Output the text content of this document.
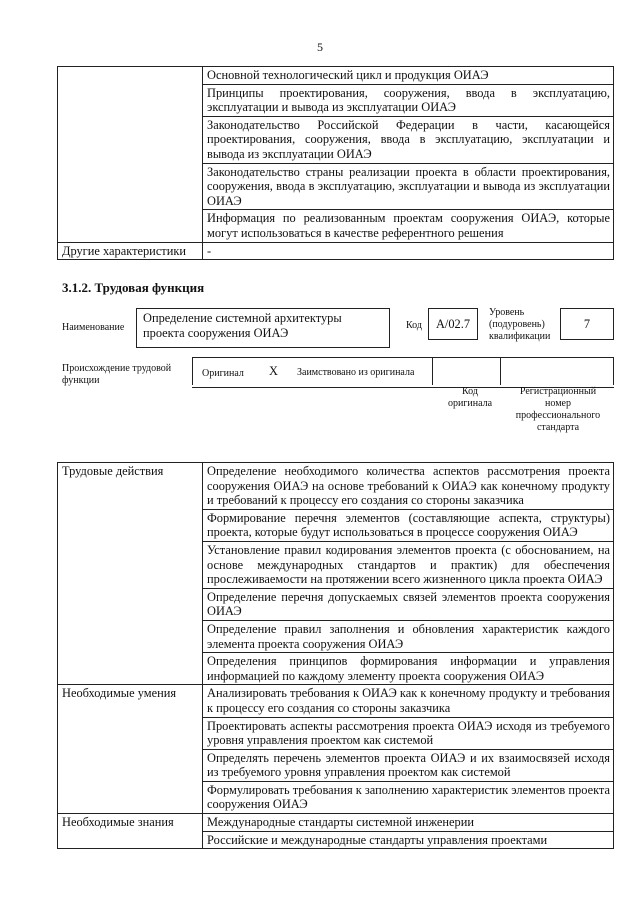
5
	Основной технологический цикл и продукция ОИАЭ
	Принципы проектирования, сооружения, ввода в эксплуатацию, эксплуатации и вывода из эксплуатации ОИАЭ
	Законодательство Российской Федерации в части, касающейся проектирования, сооружения, ввода в эксплуатацию, эксплуатации и вывода из эксплуатации ОИАЭ
	Законодательство страны реализации проекта в области проектирования, сооружения, ввода в эксплуатацию, эксплуатации и вывода из эксплуатации ОИАЭ
	Информация по реализованным проектам сооружения ОИАЭ, которые могут использоваться в качестве референтного решения
Другие характеристики	-
3.1.2. Трудовая функция
Наименование
Определение системной архитектуры проекта сооружения ОИАЭ
Код	А/02.7
Уровень (подуровень) квалификации
7
Происхождение трудовой функции
Оригинал X Заимствовано из оригинала
Код оригинала
Регистрационный номер профессионального стандарта
Трудовые действия	Определение необходимого количества аспектов рассмотрения проекта сооружения ОИАЭ на основе требований к ОИАЭ как конечному продукту и требований к процессу его создания со стороны заказчика
	Формирование перечня элементов (составляющие аспекта, структуры) проекта, которые будут использоваться в процессе сооружения ОИАЭ
	Установление правил кодирования элементов проекта (с обоснованием, на основе международных стандартов и практик) для обеспечения прослеживаемости на протяжении всего жизненного цикла проекта ОИАЭ
	Определение перечня допускаемых связей элементов проекта сооружения ОИАЭ
	Определение правил заполнения и обновления характеристик каждого элемента проекта сооружения ОИАЭ
	Определения принципов формирования информации и управления информацией по каждому элементу проекта сооружения ОИАЭ
Необходимые умения	Анализировать требования к ОИАЭ как к конечному продукту и требования к процессу его создания со стороны заказчика
	Проектировать аспекты рассмотрения проекта ОИАЭ исходя из требуемого уровня управления проектом как системой
	Определять перечень элементов проекта ОИАЭ и их взаимосвязей исходя из требуемого уровня управления проектом как системой
	Формулировать требования к заполнению характеристик элементов проекта сооружения ОИАЭ
Необходимые знания	Международные стандарты системной инженерии
	Российские и международные стандарты управления проектами
